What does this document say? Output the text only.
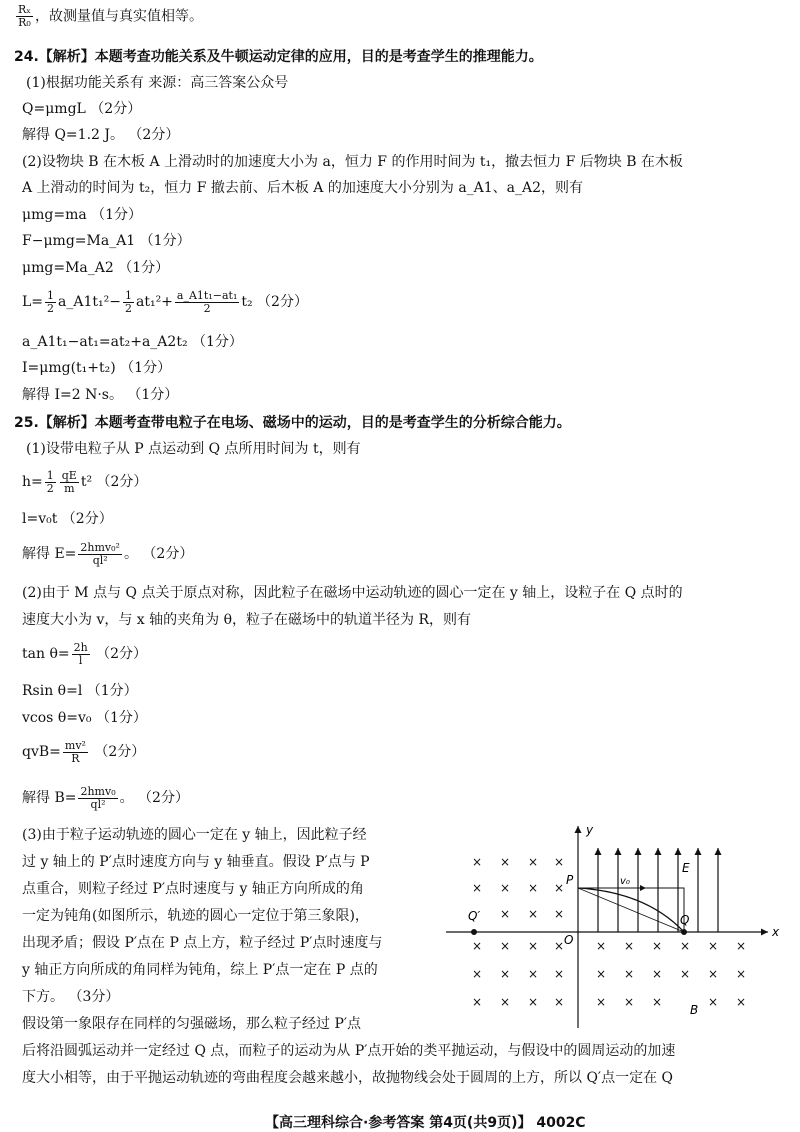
$\frac{\text{Rₓ}}{\text{R₀}}$ ，故测量值与真实值相等。
24.【解析】本题考查功能关系及牛顿运动定律的应用，目的是考查学生的推理能力。
(1)根据功能关系有 来源：高三答案公众号
Q=μmgL （2分）
解得 Q=1.2 J。 （2分）
(2)设物块 B 在木板 A 上滑动时的加速度大小为 a，恒力 F 的作用时间为 t₁，撤去恒力 F 后物块 B 在木板
A 上滑动的时间为 t₂，恒力 F 撤去前、后木板 A 的加速度大小分别为 a_A1、a_A2，则有
μmg=ma （1分）
F−μmg=Ma_A1 （1分）
μmg=Ma_A2 （1分）
$L= \frac{1}{2}$ a_A1t₁²− $\frac{1}{2} at_1^2+ \frac{\text{a\_A1t₁−at₁}}{2} t_2$ （2分）
a_A1t₁−at₁=at₂+a_A2t₂ （1分）
I=μmg(t₁+t₂) （1分）
解得 I=2 N·s。 （1分）
25.【解析】本题考查带电粒子在电场、磁场中的运动，目的是考查学生的分析综合能力。
(1)设带电粒子从 P 点运动到 Q 点所用时间为 t，则有
$h= \frac{1}{2} \frac{qE}{m} t^2$ （2分）
l=v₀t （2分）
解得 $E= \frac{\text{2hmv₀²}}{\text{ql²}}$ 。 （2分）
(2)由于 M 点与 Q 点关于原点对称，因此粒子在磁场中运动轨迹的圆心一定在 y 轴上，设粒子在 Q 点时的
速度大小为 v，与 x 轴的夹角为 θ，粒子在磁场中的轨道半径为 R，则有
$\tan \theta= \frac{2h}{l} (2$分）
Rsin θ=l （1分）
vcos θ=v₀ （1分）
$qvB= \frac{\text{mv²}}{R} (2$分）
解得 $B= \frac{\text{2hmv₀}}{\text{ql²}}$ 。 （2分）
(3)由于粒子运动轨迹的圆心一定在 y 轴上，因此粒子经
过 y 轴上的 P′点时速度方向与 y 轴垂直。假设 P′点与 P
点重合，则粒子经过 P′点时速度与 y 轴正方向所成的角
一定为钝角(如图所示，轨迹的圆心一定位于第三象限)，
出现矛盾；假设 P′点在 P 点上方，粒子经过 P′点时速度与
y 轴正方向所成的角同样为钝角，综上 P′点一定在 P 点的
下方。 （3分）
假设第一象限存在同样的匀强磁场，那么粒子经过 P′点
后将沿圆弧运动并一定经过 Q 点，而粒子的运动为从 P′点开始的类平抛运动，与假设中的圆周运动的加速
度大小相等，由于平抛运动轨迹的弯曲程度会越来越小，故抛物线会处于圆周的上方，所以 Q′点一定在 Q
y
x
O
P
Q
Q′
E
B
v₀
× × × ×
× × × ×
× × ×
× × × ×	× × × × × ×
× × × ×	× × × × × ×
× × × ×	× × ×	× ×
【高三理科综合·参考答案 第4页(共9页)】 4002C
